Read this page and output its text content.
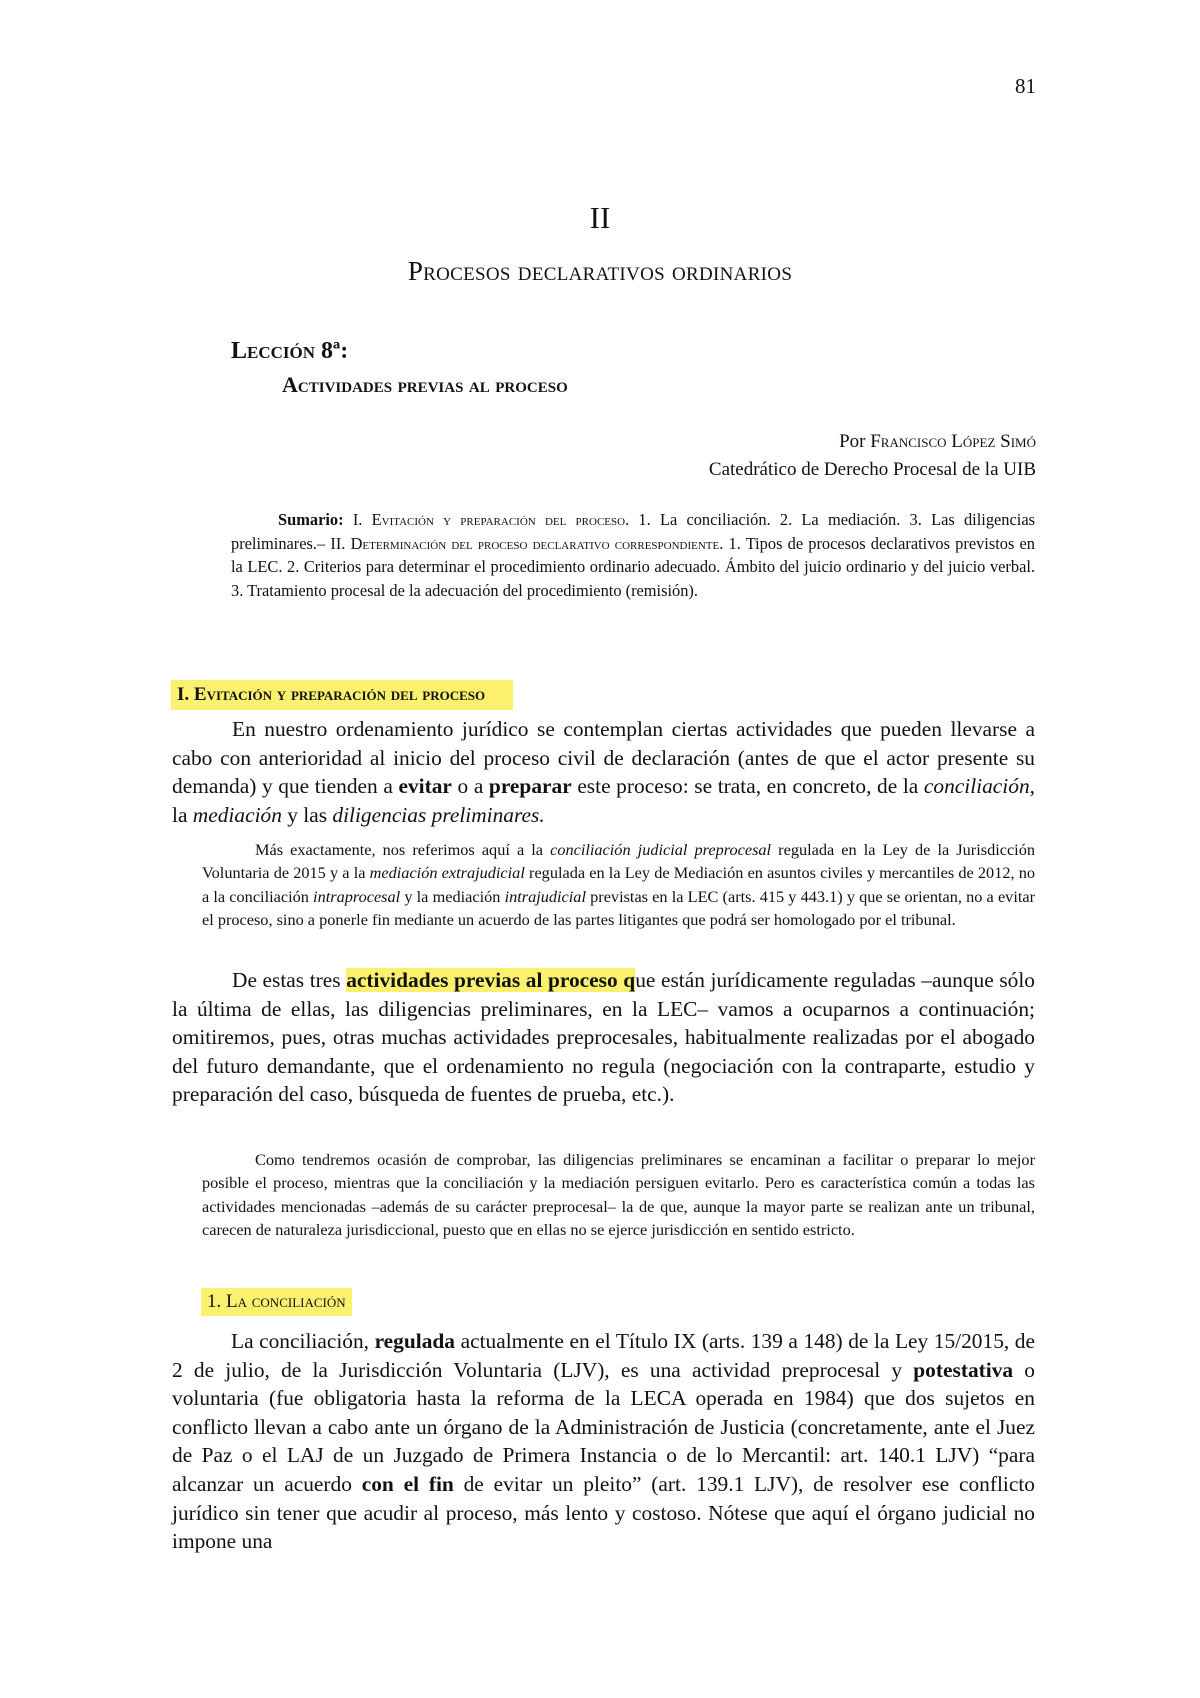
81
II
Procesos declarativos ordinarios
Lección 8ª:
Actividades previas al proceso
Por Francisco López Simó
Catedrático de Derecho Procesal de la UIB
Sumario: I. Evitación y preparación del proceso. 1. La conciliación. 2. La mediación. 3. Las diligencias preliminares.– II. Determinación del proceso declarativo correspondiente. 1. Tipos de procesos declarativos previstos en la LEC. 2. Criterios para determinar el procedimiento ordinario adecuado. Ámbito del juicio ordinario y del juicio verbal. 3. Tratamiento procesal de la adecuación del procedimiento (remisión).
I. Evitación y preparación del proceso
En nuestro ordenamiento jurídico se contemplan ciertas actividades que pueden llevarse a cabo con anterioridad al inicio del proceso civil de declaración (antes de que el actor presente su demanda) y que tienden a evitar o a preparar este proceso: se trata, en concreto, de la conciliación, la mediación y las diligencias preliminares.
Más exactamente, nos referimos aquí a la conciliación judicial preprocesal regulada en la Ley de la Jurisdicción Voluntaria de 2015 y a la mediación extrajudicial regulada en la Ley de Mediación en asuntos civiles y mercantiles de 2012, no a la conciliación intraprocesal y la mediación intrajudicial previstas en la LEC (arts. 415 y 443.1) y que se orientan, no a evitar el proceso, sino a ponerle fin mediante un acuerdo de las partes litigantes que podrá ser homologado por el tribunal.
De estas tres actividades previas al proceso que están jurídicamente reguladas –aunque sólo la última de ellas, las diligencias preliminares, en la LEC– vamos a ocuparnos a continuación; omitiremos, pues, otras muchas actividades preprocesales, habitualmente realizadas por el abogado del futuro demandante, que el ordenamiento no regula (negociación con la contraparte, estudio y preparación del caso, búsqueda de fuentes de prueba, etc.).
Como tendremos ocasión de comprobar, las diligencias preliminares se encaminan a facilitar o preparar lo mejor posible el proceso, mientras que la conciliación y la mediación persiguen evitarlo. Pero es característica común a todas las actividades mencionadas –además de su carácter preprocesal– la de que, aunque la mayor parte se realizan ante un tribunal, carecen de naturaleza jurisdiccional, puesto que en ellas no se ejerce jurisdicción en sentido estricto.
1. La conciliación
La conciliación, regulada actualmente en el Título IX (arts. 139 a 148) de la Ley 15/2015, de 2 de julio, de la Jurisdicción Voluntaria (LJV), es una actividad preprocesal y potestativa o voluntaria (fue obligatoria hasta la reforma de la LECA operada en 1984) que dos sujetos en conflicto llevan a cabo ante un órgano de la Administración de Justicia (concretamente, ante el Juez de Paz o el LAJ de un Juzgado de Primera Instancia o de lo Mercantil: art. 140.1 LJV) “para alcanzar un acuerdo con el fin de evitar un pleito” (art. 139.1 LJV), de resolver ese conflicto jurídico sin tener que acudir al proceso, más lento y costoso. Nótese que aquí el órgano judicial no impone una
